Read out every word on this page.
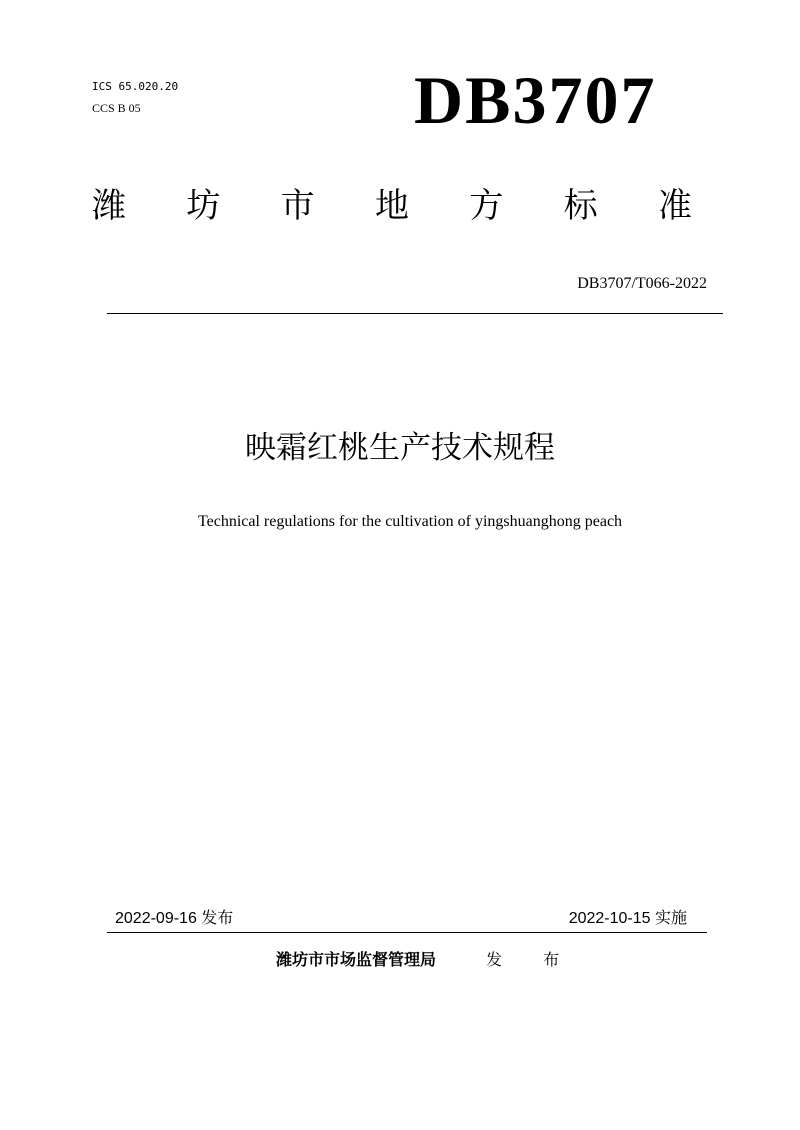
ICS 65.020.20
CCS B 05	DB3707
潍 坊 市 地 方 标 准
DB3707/T066-2022
映霜红桃生产技术规程
Technical regulations for the cultivation of yingshuanghong peach
2022-09-16 发布	2022-10-15 实施
潍坊市市场监督管理局	发 布
